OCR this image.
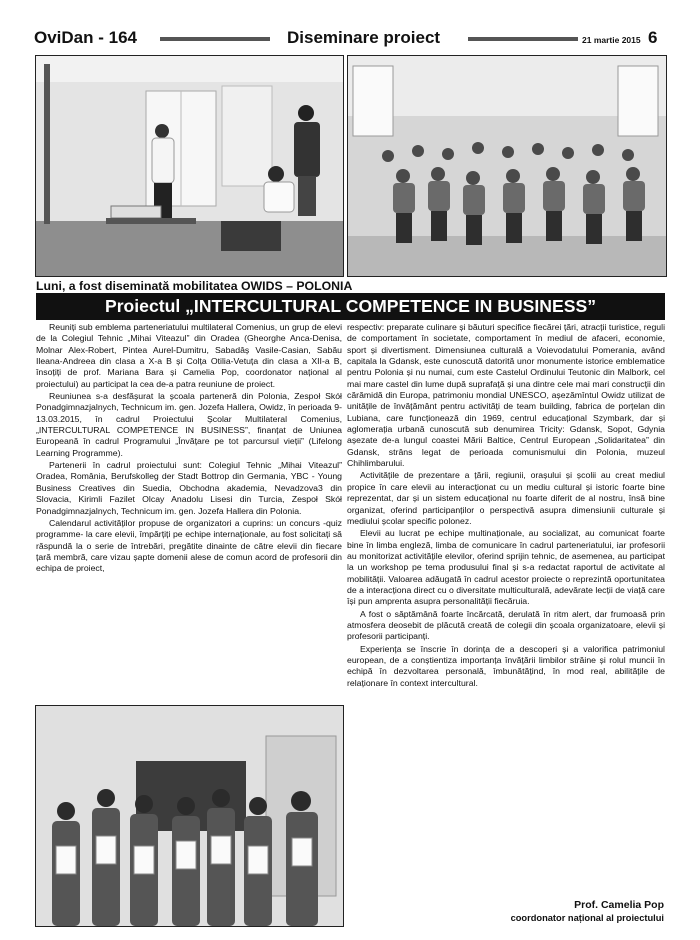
OviDan - 164	Diseminare proiect	21 martie 2015 6
Luni, a fost diseminată mobilitatea OWIDS – POLONIA
Proiectul „INTERCULTURAL COMPETENCE IN BUSINESS”

Reuniți sub emblema parteneriatului multilateral Comenius, un grup de elevi de la Colegiul Tehnic „Mihai Viteazul” din Oradea (Gheorghe Anca-Denisa, Molnar Alex-Robert, Pintea Aurel-Dumitru, Sabadâș Vasile-Casian, Sabău Ileana-Andreea din clasa a X-a B și Colța Otilia-Vetuța din clasa a XII-a B, însoțiți de prof. Mariana Bara și Camelia Pop, coordonator național al proiectului) au participat la cea de-a patra reuniune de proiect.

Reuniunea s-a desfășurat la școala parteneră din Polonia, Zespoł Skół Ponadgimnazjalnych, Technicum im. gen. Jozefa Hallera, Owidz, în perioada 9-13.03.2015, în cadrul Proiectului Școlar Multilateral Comenius, „INTERCULTURAL COMPETENCE IN BUSINESS”, finanțat de Uniunea Europeană în cadrul Programului „Învățare pe tot parcursul vieții” (Lifelong Learning Programme).

Partenerii în cadrul proiectului sunt: Colegiul Tehnic „Mihai Viteazul” Oradea, România, Berufskolleg der Stadt Bottrop din Germania, YBC - Young Business Creatives din Suedia, Obchodna akademia, Nevadzova3 din Slovacia, Kirimli Fazilet Olcay Anadolu Lisesi din Turcia, Zespoł Skół Ponadgimnazjalnych, Technicum im. gen. Jozefa Hallera din Polonia.

Calendarul activităților propuse de organizatori a cuprins: un concurs -quiz programme- la care elevii, împărțiți pe echipe internaționale, au fost solicitați să răspundă la o serie de întrebări, pregătite dinainte de către elevii din fiecare țară membră, care vizau șapte domenii alese de comun acord de profesorii din echipa de proiect,

respectiv: preparate culinare și băuturi specifice fiecărei țări, atracții turistice, reguli de comportament în societate, comportament în mediul de afaceri, economie, sport și divertisment. Dimensiunea culturală a Voievodatului Pomerania, având capitala la Gdansk, este cunoscută datorită unor monumente istorice emblematice pentru Polonia și nu numai, cum este Castelul Ordinului Teutonic din Malbork, cel mai mare castel din lume după suprafață și una dintre cele mai mari construcții din cărămidă din Europa, patrimoniu mondial UNESCO, așezămîntul Owidz utilizat de unitățile de învățământ pentru activități de team building, fabrica de porțelan din Lubiana, care funcționează din 1969, centrul educațional Szymbark, dar și aglomerația urbană cunoscută sub denumirea Tricity: Gdansk, Sopot, Gdynia așezate de-a lungul coastei Mării Baltice, Centrul European „Solidaritatea” din Gdansk, strâns legat de perioada comunismului din Polonia, muzeul Chihlimbarului.

Activitățile de prezentare a țării, regiunii, orașului și școlii au creat mediul propice în care elevii au interacționat cu un mediu cultural și istoric foarte bine reprezentat, dar și un sistem educațional nu foarte diferit de al nostru, însă bine organizat, oferind participanților o perspectivă asupra dimensiunii culturale și mediului școlar specific polonez.

Elevii au lucrat pe echipe multinaționale, au socializat, au comunicat foarte bine în limba engleză, limba de comunicare în cadrul parteneriatului, iar profesorii au monitorizat activitățile elevilor, oferind sprijin tehnic, de asemenea, au participat la un workshop pe tema produsului final și s-a redactat raportul de activitate al mobilității. Valoarea adăugată în cadrul acestor proiecte o reprezintă oportunitatea de a interacționa direct cu o diversitate multiculturală, adevărate lecții de viață care își pun amprenta asupra personalității fiecăruia.

A fost o săptămână foarte încărcată, derulată în ritm alert, dar frumoasă prin atmosfera deosebit de plăcută creată de colegii din școala organizatoare, elevii și profesorii participanți.

Experiența se înscrie în dorința de a descoperi și a valorifica patrimoniul european, de a conștientiza importanța învățării limbilor străine și rolul muncii în echipă în dezvoltarea personală, îmbunătățind, în mod real, abilitățile de relaționare în context intercultural.

Prof. Camelia Pop
coordonator național al proiectului
